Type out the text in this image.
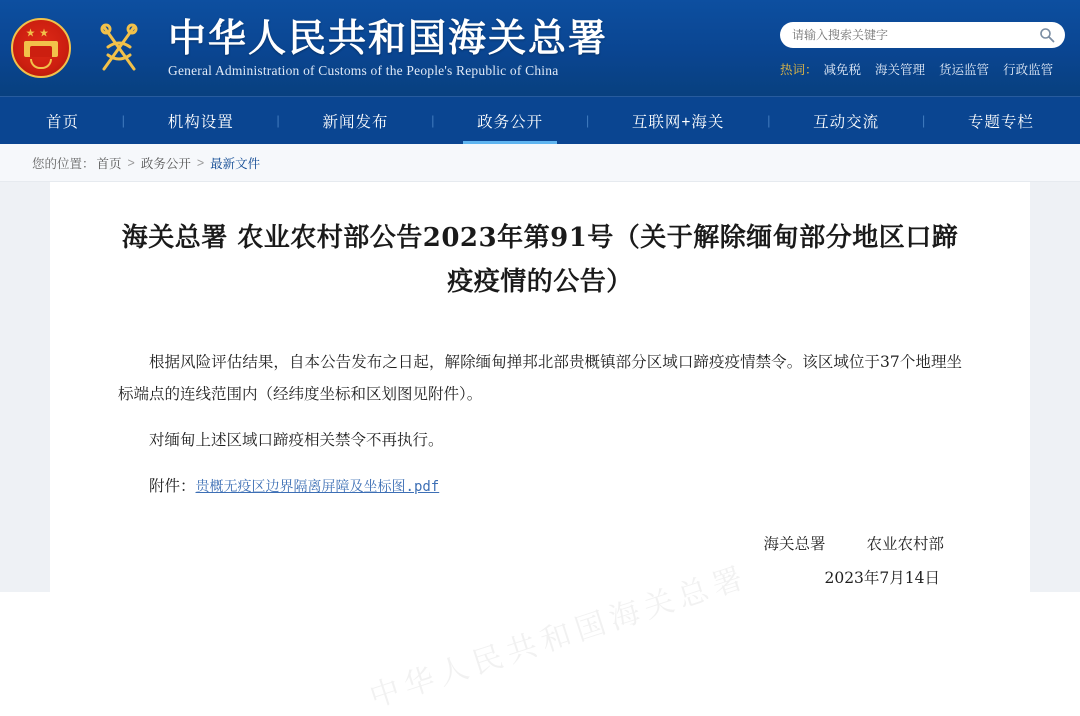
★ ★	中华人民共和国海关总署
General Administration of Customs of the People's Republic of China
请输入搜索关键字	热词： 减免税 海关管理 货运监管 行政监管
首页	|	机构设置	|	新闻发布	|	政务公开	|	互联网+海关	|	互动交流	|	专题专栏
您的位置： 首页 > 政务公开 > 最新文件
中华人民共和国海关总署
海关总署 农业农村部公告2023年第91号（关于解除缅甸部分地区口蹄疫疫情的公告）

根据风险评估结果，自本公告发布之日起，解除缅甸掸邦北部贵概镇部分区域口蹄疫疫情禁令。该区域位于37个地理坐标端点的连线范围内（经纬度坐标和区划图见附件）。

对缅甸上述区域口蹄疫相关禁令不再执行。

附件：贵概无疫区边界隔离屏障及坐标图.pdf

海关总署	农业农村部
2023年7月14日
